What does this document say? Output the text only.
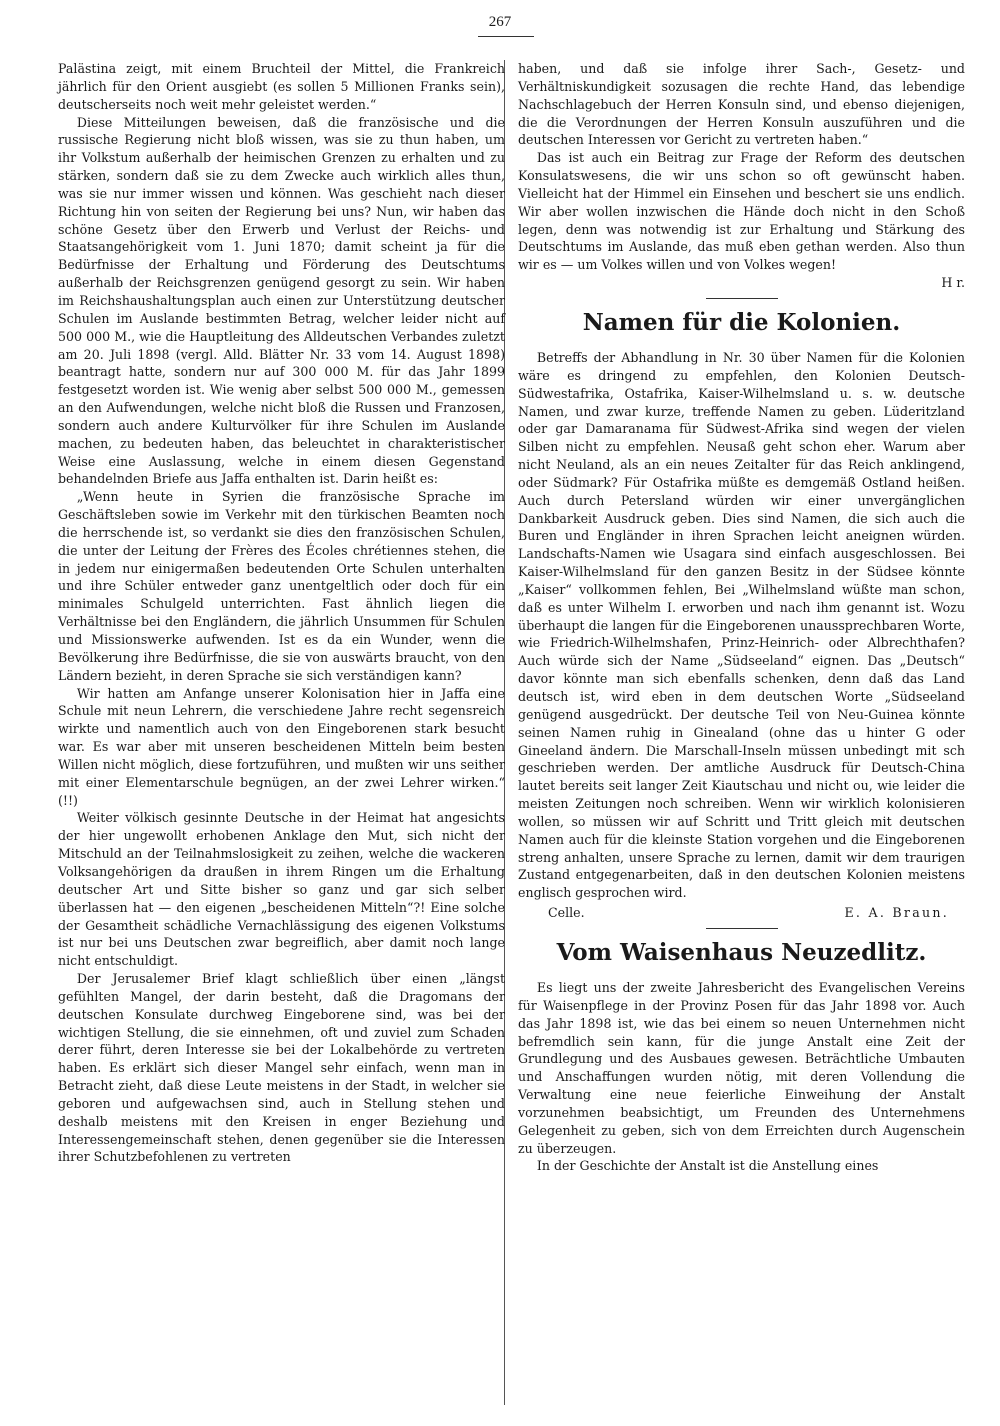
267

Palästina zeigt, mit einem Bruchteil der Mittel, die Frankreich jährlich für den Orient ausgiebt (es sollen 5 Millionen Franks sein), deutscherseits noch weit mehr geleistet werden.“

Diese Mitteilungen beweisen, daß die französische und die russische Regierung nicht bloß wissen, was sie zu thun haben, um ihr Volkstum außerhalb der heimischen Grenzen zu erhalten und zu stärken, sondern daß sie zu dem Zwecke auch wirklich alles thun, was sie nur immer wissen und können. Was geschieht nach dieser Richtung hin von seiten der Regierung bei uns? Nun, wir haben das schöne Gesetz über den Erwerb und Verlust der Reichs- und Staatsangehörigkeit vom 1. Juni 1870; damit scheint ja für die Bedürfnisse der Erhaltung und Förderung des Deutschtums außerhalb der Reichsgrenzen genügend gesorgt zu sein. Wir haben im Reichshaushaltungsplan auch einen zur Unterstützung deutscher Schulen im Auslande bestimmten Betrag, welcher leider nicht auf 500 000 M., wie die Hauptleitung des Alldeutschen Verbandes zuletzt am 20. Juli 1898 (vergl. Alld. Blätter Nr. 33 vom 14. August 1898) beantragt hatte, sondern nur auf 300 000 M. für das Jahr 1899 festgesetzt worden ist. Wie wenig aber selbst 500 000 M., gemessen an den Aufwendungen, welche nicht bloß die Russen und Franzosen, sondern auch andere Kulturvölker für ihre Schulen im Auslande machen, zu bedeuten haben, das beleuchtet in charakteristischer Weise eine Auslassung, welche in einem diesen Gegenstand behandelnden Briefe aus Jaffa enthalten ist. Darin heißt es:

„Wenn heute in Syrien die französische Sprache im Geschäftsleben sowie im Verkehr mit den türkischen Beamten noch die herrschende ist, so verdankt sie dies den französischen Schulen, die unter der Leitung der Frères des Écoles chrétiennes stehen, die in jedem nur einigermaßen bedeutenden Orte Schulen unterhalten und ihre Schüler entweder ganz unentgeltlich oder doch für ein minimales Schulgeld unterrichten. Fast ähnlich liegen die Verhältnisse bei den Engländern, die jährlich Unsummen für Schulen und Missionswerke aufwenden. Ist es da ein Wunder, wenn die Bevölkerung ihre Bedürfnisse, die sie von auswärts braucht, von den Ländern bezieht, in deren Sprache sie sich verständigen kann?

Wir hatten am Anfange unserer Kolonisation hier in Jaffa eine Schule mit neun Lehrern, die verschiedene Jahre recht segensreich wirkte und namentlich auch von den Eingeborenen stark besucht war. Es war aber mit unseren bescheidenen Mitteln beim besten Willen nicht möglich, diese fortzuführen, und mußten wir uns seither mit einer Elementarschule begnügen, an der zwei Lehrer wirken.“ (!!)

Weiter völkisch gesinnte Deutsche in der Heimat hat angesichts der hier ungewollt erhobenen Anklage den Mut, sich nicht der Mitschuld an der Teilnahmslosigkeit zu zeihen, welche die wackeren Volksangehörigen da draußen in ihrem Ringen um die Erhaltung deutscher Art und Sitte bisher so ganz und gar sich selber überlassen hat — den eigenen „bescheidenen Mitteln“?! Eine solche der Gesamtheit schädliche Vernachlässigung des eigenen Volkstums ist nur bei uns Deutschen zwar begreiflich, aber damit noch lange nicht entschuldigt.

Der Jerusalemer Brief klagt schließlich über einen „längst gefühlten Mangel, der darin besteht, daß die Dragomans der deutschen Konsulate durchweg Eingeborene sind, was bei der wichtigen Stellung, die sie einnehmen, oft und zuviel zum Schaden derer führt, deren Interesse sie bei der Lokalbehörde zu vertreten haben. Es erklärt sich dieser Mangel sehr einfach, wenn man in Betracht zieht, daß diese Leute meistens in der Stadt, in welcher sie geboren und aufgewachsen sind, auch in Stellung stehen und deshalb meistens mit den Kreisen in enger Beziehung und Interessengemeinschaft stehen, denen gegenüber sie die Interessen ihrer Schutzbefohlenen zu vertreten

haben, und daß sie infolge ihrer Sach-, Gesetz- und Verhältniskundigkeit sozusagen die rechte Hand, das lebendige Nachschlagebuch der Herren Konsuln sind, und ebenso diejenigen, die die Verordnungen der Herren Konsuln auszuführen und die deutschen Interessen vor Gericht zu vertreten haben.“

Das ist auch ein Beitrag zur Frage der Reform des deutschen Konsulatswesens, die wir uns schon so oft gewünscht haben. Vielleicht hat der Himmel ein Einsehen und beschert sie uns endlich. Wir aber wollen inzwischen die Hände doch nicht in den Schoß legen, denn was notwendig ist zur Erhaltung und Stärkung des Deutschtums im Auslande, das muß eben gethan werden. Also thun wir es — um Volkes willen und von Volkes wegen!

H r.

Namen für die Kolonien.

Betreffs der Abhandlung in Nr. 30 über Namen für die Kolonien wäre es dringend zu empfehlen, den Kolonien Deutsch-Südwestafrika, Ostafrika, Kaiser-Wilhelmsland u. s. w. deutsche Namen, und zwar kurze, treffende Namen zu geben. Lüderitzland oder gar Damaranama für Südwest-Afrika sind wegen der vielen Silben nicht zu empfehlen. Neusaß geht schon eher. Warum aber nicht Neuland, als an ein neues Zeitalter für das Reich anklingend, oder Südmark? Für Ostafrika müßte es demgemäß Ostland heißen. Auch durch Petersland würden wir einer unvergänglichen Dankbarkeit Ausdruck geben. Dies sind Namen, die sich auch die Buren und Engländer in ihren Sprachen leicht aneignen würden. Landschafts-Namen wie Usagara sind einfach ausgeschlossen. Bei Kaiser-Wilhelmsland für den ganzen Besitz in der Südsee könnte „Kaiser“ vollkommen fehlen, Bei „Wilhelmsland wüßte man schon, daß es unter Wilhelm I. erworben und nach ihm genannt ist. Wozu überhaupt die langen für die Eingeborenen unaussprechbaren Worte, wie Friedrich-Wilhelmshafen, Prinz-Heinrich- oder Albrechthafen? Auch würde sich der Name „Südseeland“ eignen. Das „Deutsch“ davor könnte man sich ebenfalls schenken, denn daß das Land deutsch ist, wird eben in dem deutschen Worte „Südseeland genügend ausgedrückt. Der deutsche Teil von Neu-Guinea könnte seinen Namen ruhig in Ginealand (ohne das u hinter G oder Gineeland ändern. Die Marschall-Inseln müssen unbedingt mit sch geschrieben werden. Der amtliche Ausdruck für Deutsch-China lautet bereits seit langer Zeit Kiautschau und nicht ou, wie leider die meisten Zeitungen noch schreiben. Wenn wir wirklich kolonisieren wollen, so müssen wir auf Schritt und Tritt gleich mit deutschen Namen auch für die kleinste Station vorgehen und die Eingeborenen streng anhalten, unsere Sprache zu lernen, damit wir dem traurigen Zustand entgegenarbeiten, daß in den deutschen Kolonien meistens englisch gesprochen wird.

Celle.	E. A. Braun.
Vom Waisenhaus Neuzedlitz.

Es liegt uns der zweite Jahresbericht des Evangelischen Vereins für Waisenpflege in der Provinz Posen für das Jahr 1898 vor. Auch das Jahr 1898 ist, wie das bei einem so neuen Unternehmen nicht befremdlich sein kann, für die junge Anstalt eine Zeit der Grundlegung und des Ausbaues gewesen. Beträchtliche Umbauten und Anschaffungen wurden nötig, mit deren Vollendung die Verwaltung eine neue feierliche Einweihung der Anstalt vorzunehmen beabsichtigt, um Freunden des Unternehmens Gelegenheit zu geben, sich von dem Erreichten durch Augenschein zu überzeugen.

In der Geschichte der Anstalt ist die Anstellung eines
